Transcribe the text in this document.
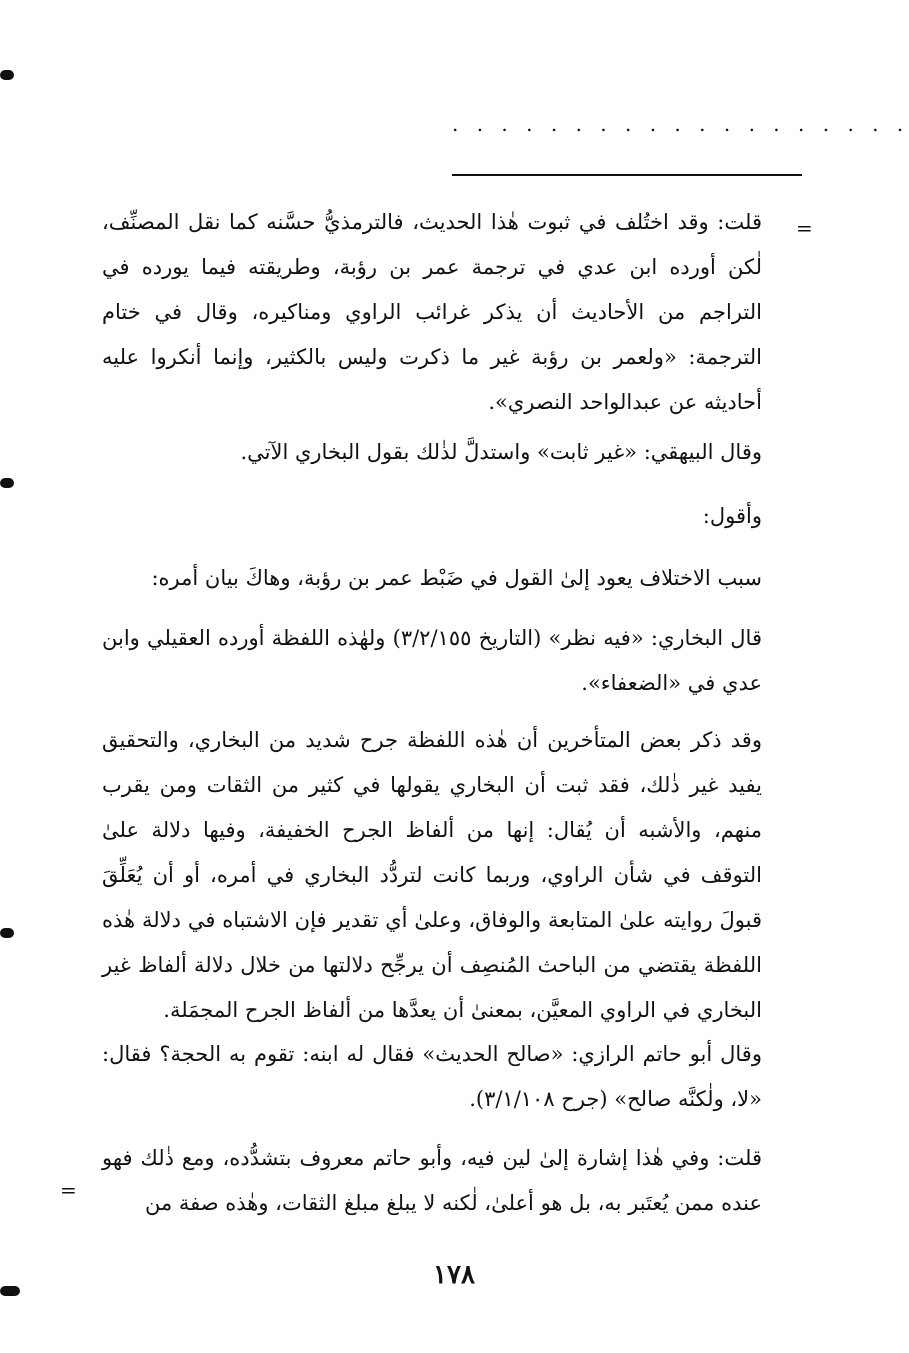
. . . . . . . . . . . . . . . . . . .
=
=

قلت: وقد اختُلف في ثبوت هٰذا الحديث، فالترمذيُّ حسَّنه كما نقل المصنِّف، لٰكن أورده ابن عدي في ترجمة عمر بن رؤبة، وطريقته فيما يورده في التراجم من الأحاديث أن يذكر غرائب الراوي ومناكيره، وقال في ختام الترجمة: «ولعمر بن رؤبة غير ما ذكرت وليس بالكثير، وإنما أنكروا عليه أحاديثه عن عبدالواحد النصري».

وقال البيهقي: «غير ثابت» واستدلَّ لذٰلك بقول البخاري الآتي.

وأقول:

سبب الاختلاف يعود إلىٰ القول في ضَبْط عمر بن رؤبة، وهاكَ بيان أمره:

قال البخاري: «فيه نظر» (التاريخ ٣/٢/١٥٥) ولهٰذه اللفظة أورده العقيلي وابن عدي في «الضعفاء».

وقد ذكر بعض المتأخرين أن هٰذه اللفظة جرح شديد من البخاري، والتحقيق يفيد غير ذٰلك، فقد ثبت أن البخاري يقولها في كثير من الثقات ومن يقرب منهم، والأشبه أن يُقال: إنها من ألفاظ الجرح الخفيفة، وفيها دلالة علىٰ التوقف في شأن الراوي، وربما كانت لتردُّد البخاري في أمره، أو أن يُعَلِّقَ قبولَ روايته علىٰ المتابعة والوفاق، وعلىٰ أي تقدير فإن الاشتباه في دلالة هٰذه اللفظة يقتضي من الباحث المُنصِف أن يرجِّح دلالتها من خلال دلالة ألفاظ غير البخاري في الراوي المعيَّن، بمعنىٰ أن يعدَّها من ألفاظ الجرح المجمَلة.

وقال أبو حاتم الرازي: «صالح الحديث» فقال له ابنه: تقوم به الحجة؟ فقال: «لا، ولٰكنَّه صالح» (جرح ٣/١/١٠٨).

قلت: وفي هٰذا إشارة إلىٰ لين فيه، وأبو حاتم معروف بتشدُّده، ومع ذٰلك فهو عنده ممن يُعتَبر به، بل هو أعلىٰ، لٰكنه لا يبلغ مبلغ الثقات، وهٰذه صفة من

١٧٨
